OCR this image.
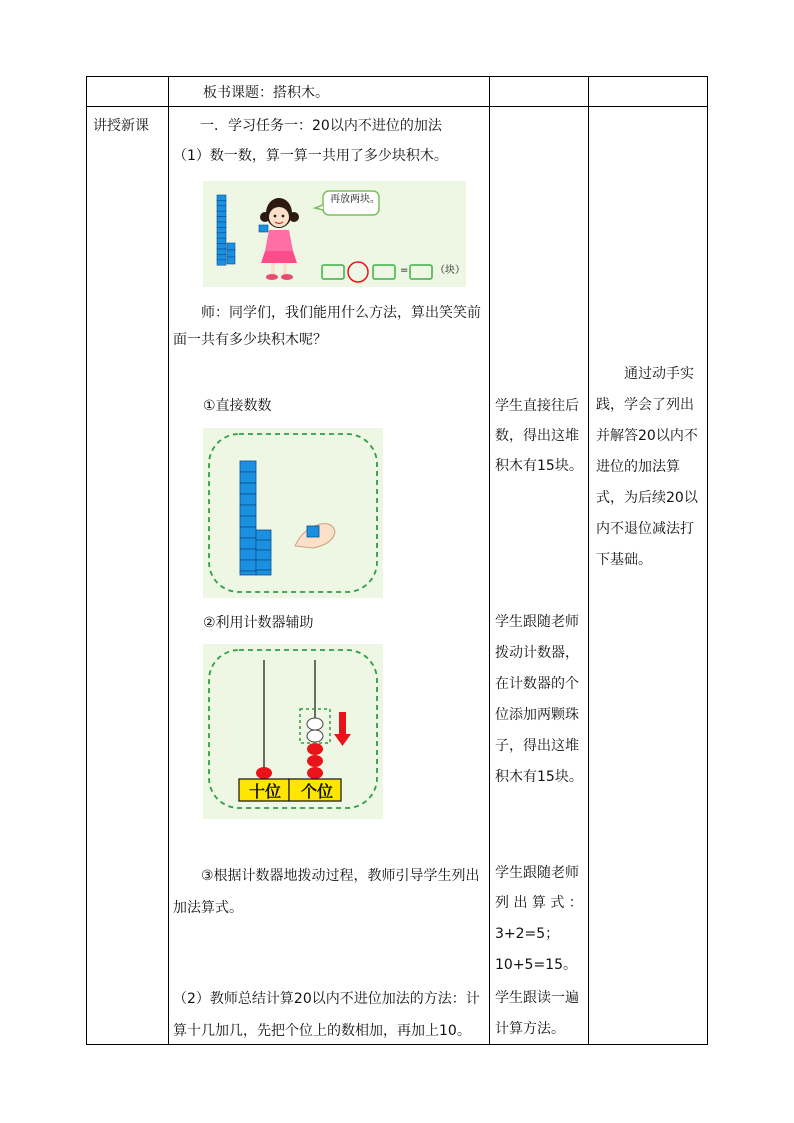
板书课题：搭积木。
讲授新课	一．学习任务一：20以内不进位的加法
（1）数一数，算一算一共用了多少块积木。
再放两块。
=	（块）
师：同学们，我们能用什么方法，算出笑笑前面一共有多少块积木呢？
①直接数数
②利用计数器辅助
十位 个位
③根据计数器地拨动过程，教师引导学生列出加法算式。
（2）教师总结计算20以内不进位加法的方法：计算十几加几，先把个位上的数相加，再加上10。
学生直接往后数，得出这堆积木有15块。
学生跟随老师拨动计数器，在计数器的个位添加两颗珠子，得出这堆积木有15块。
学生跟随老师
列 出 算 式 ：
3+2=5；
10+5=15。
学生跟读一遍计算方法。
通过动手实践，学会了列出并解答20以内不进位的加法算式，为后续20以内不退位减法打下基础。
